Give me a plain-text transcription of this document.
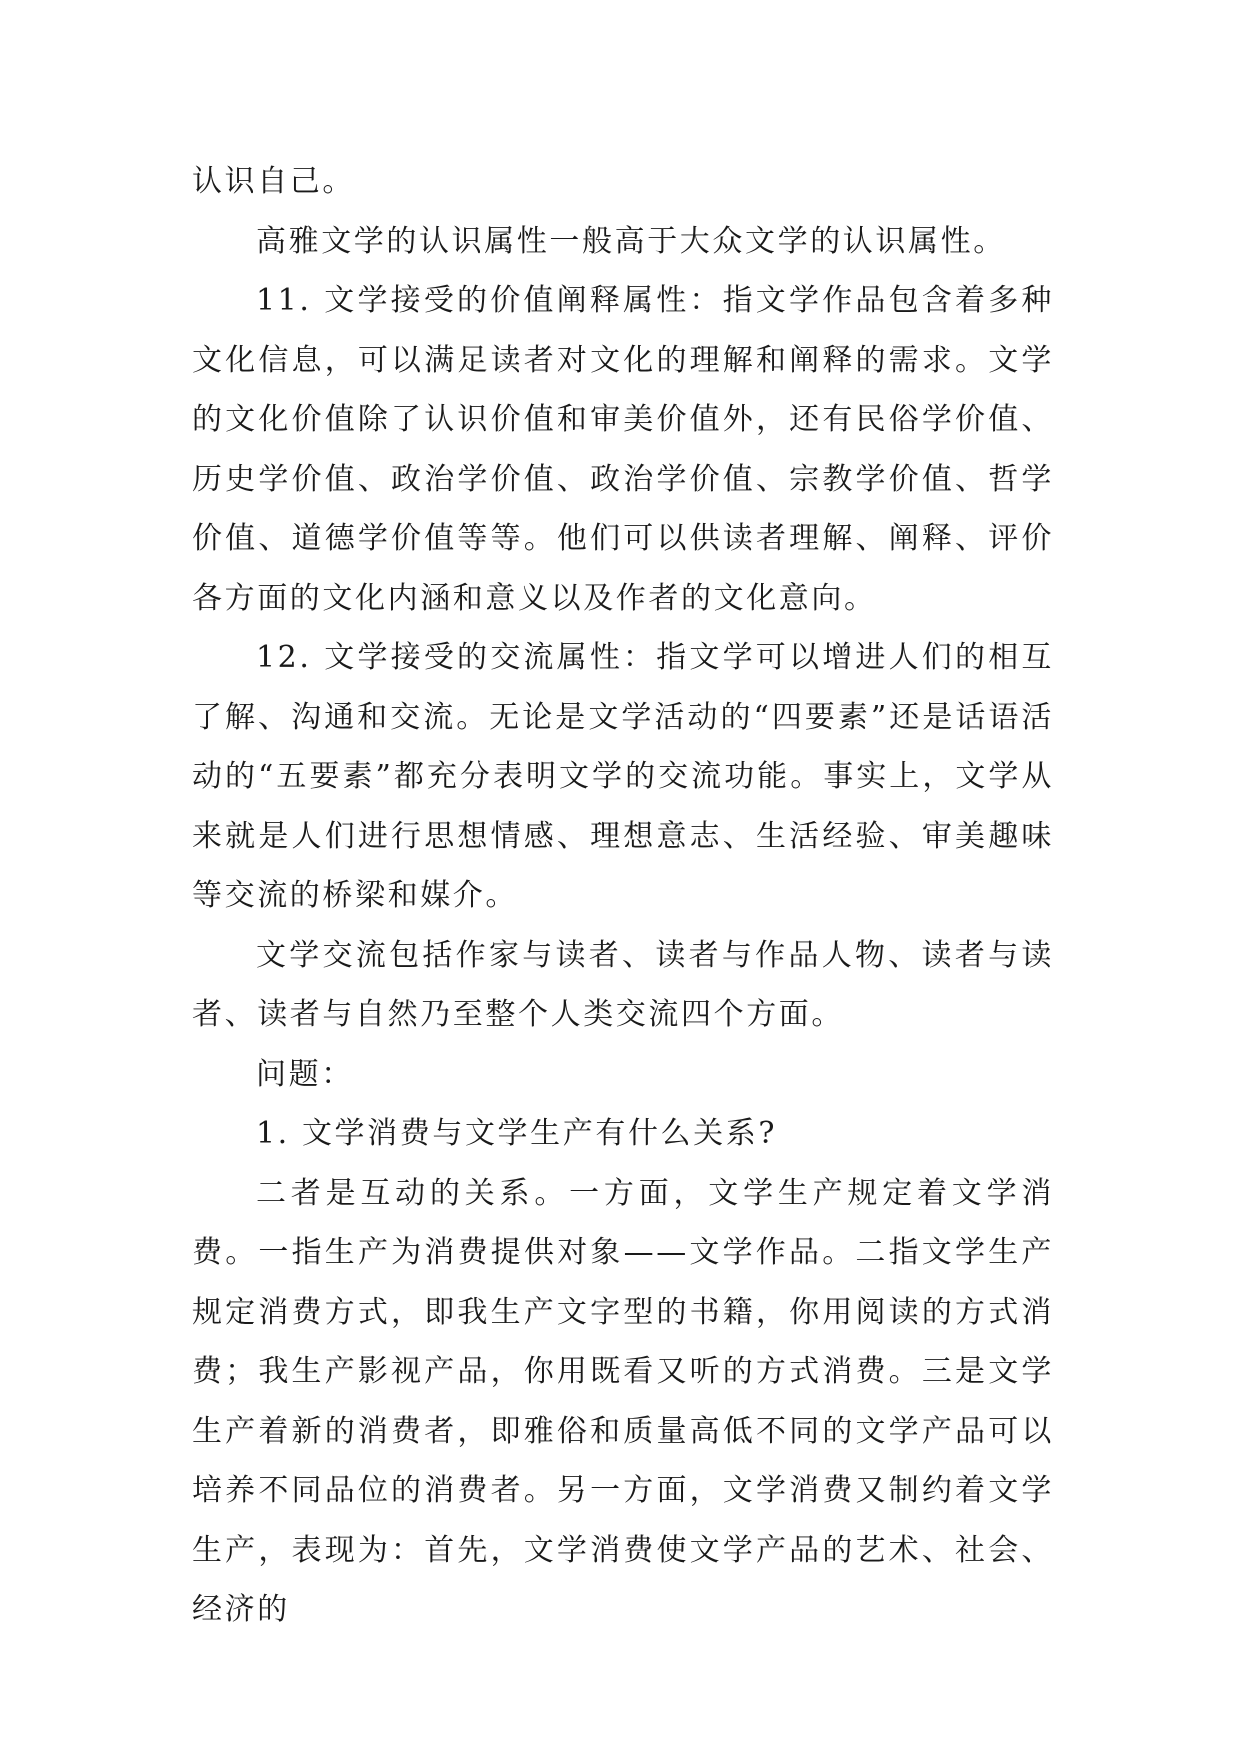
认识自己。

高雅文学的认识属性一般高于大众文学的认识属性。

11. 文学接受的价值阐释属性：指文学作品包含着多种文化信息，可以满足读者对文化的理解和阐释的需求。文学的文化价值除了认识价值和审美价值外，还有民俗学价值、历史学价值、政治学价值、政治学价值、宗教学价值、哲学价值、道德学价值等等。他们可以供读者理解、阐释、评价各方面的文化内涵和意义以及作者的文化意向。

12. 文学接受的交流属性：指文学可以增进人们的相互了解、沟通和交流。无论是文学活动的“四要素”还是话语活动的“五要素”都充分表明文学的交流功能。事实上，文学从来就是人们进行思想情感、理想意志、生活经验、审美趣味等交流的桥梁和媒介。

文学交流包括作家与读者、读者与作品人物、读者与读者、读者与自然乃至整个人类交流四个方面。

问题：

1. 文学消费与文学生产有什么关系?

二者是互动的关系。一方面，文学生产规定着文学消费。一指生产为消费提供对象——文学作品。二指文学生产规定消费方式，即我生产文字型的书籍，你用阅读的方式消费；我生产影视产品，你用既看又听的方式消费。三是文学生产着新的消费者，即雅俗和质量高低不同的文学产品可以培养不同品位的消费者。另一方面，文学消费又制约着文学生产，表现为：首先，文学消费使文学产品的艺术、社会、经济的
